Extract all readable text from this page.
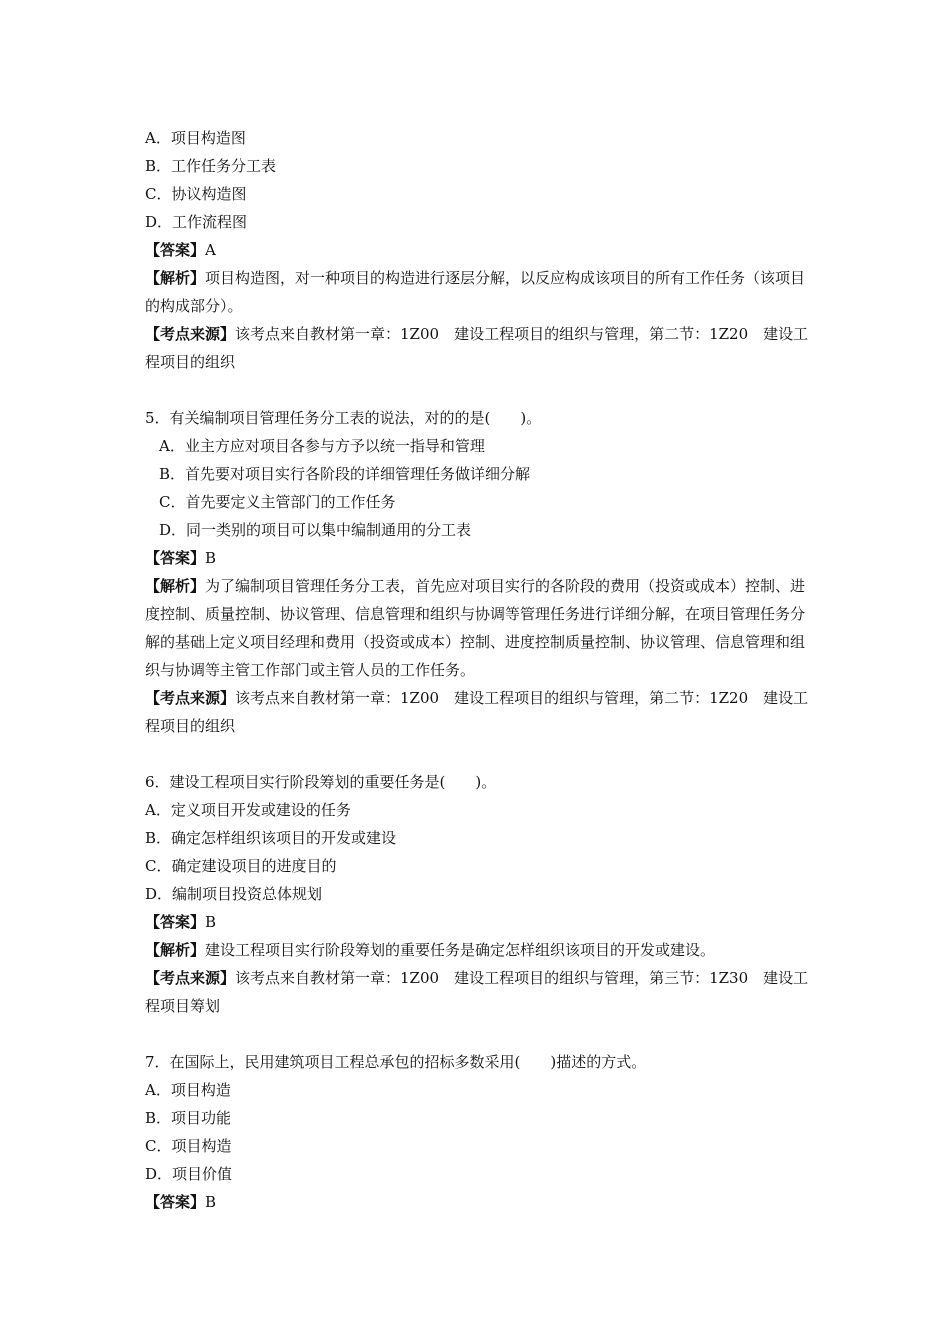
A．项目构造图
B．工作任务分工表
C．协议构造图
D．工作流程图
【答案】A
【解析】项目构造图，对一种项目的构造进行逐层分解，以反应构成该项目的所有工作任务（该项目的构成部分）。
【考点来源】该考点来自教材第一章：1Z00　建设工程项目的组织与管理，第二节：1Z20　建设工程项目的组织
5．有关编制项目管理任务分工表的说法，对的的是(　　)。
A．业主方应对项目各参与方予以统一指导和管理
B．首先要对项目实行各阶段的详细管理任务做详细分解
C．首先要定义主管部门的工作任务
D．同一类别的项目可以集中编制通用的分工表
【答案】B
【解析】为了编制项目管理任务分工表，首先应对项目实行的各阶段的费用（投资或成本）控制、进度控制、质量控制、协议管理、信息管理和组织与协调等管理任务进行详细分解，在项目管理任务分解的基础上定义项目经理和费用（投资或成本）控制、进度控制质量控制、协议管理、信息管理和组织与协调等主管工作部门或主管人员的工作任务。
【考点来源】该考点来自教材第一章：1Z00　建设工程项目的组织与管理，第二节：1Z20　建设工程项目的组织
6．建设工程项目实行阶段筹划的重要任务是(　　)。
A．定义项目开发或建设的任务
B．确定怎样组织该项目的开发或建设
C．确定建设项目的进度目的
D．编制项目投资总体规划
【答案】B
【解析】建设工程项目实行阶段筹划的重要任务是确定怎样组织该项目的开发或建设。
【考点来源】该考点来自教材第一章：1Z00　建设工程项目的组织与管理，第三节：1Z30　建设工程项目筹划
7．在国际上，民用建筑项目工程总承包的招标多数采用(　　)描述的方式。
A．项目构造
B．项目功能
C．项目构造
D．项目价值
【答案】B
